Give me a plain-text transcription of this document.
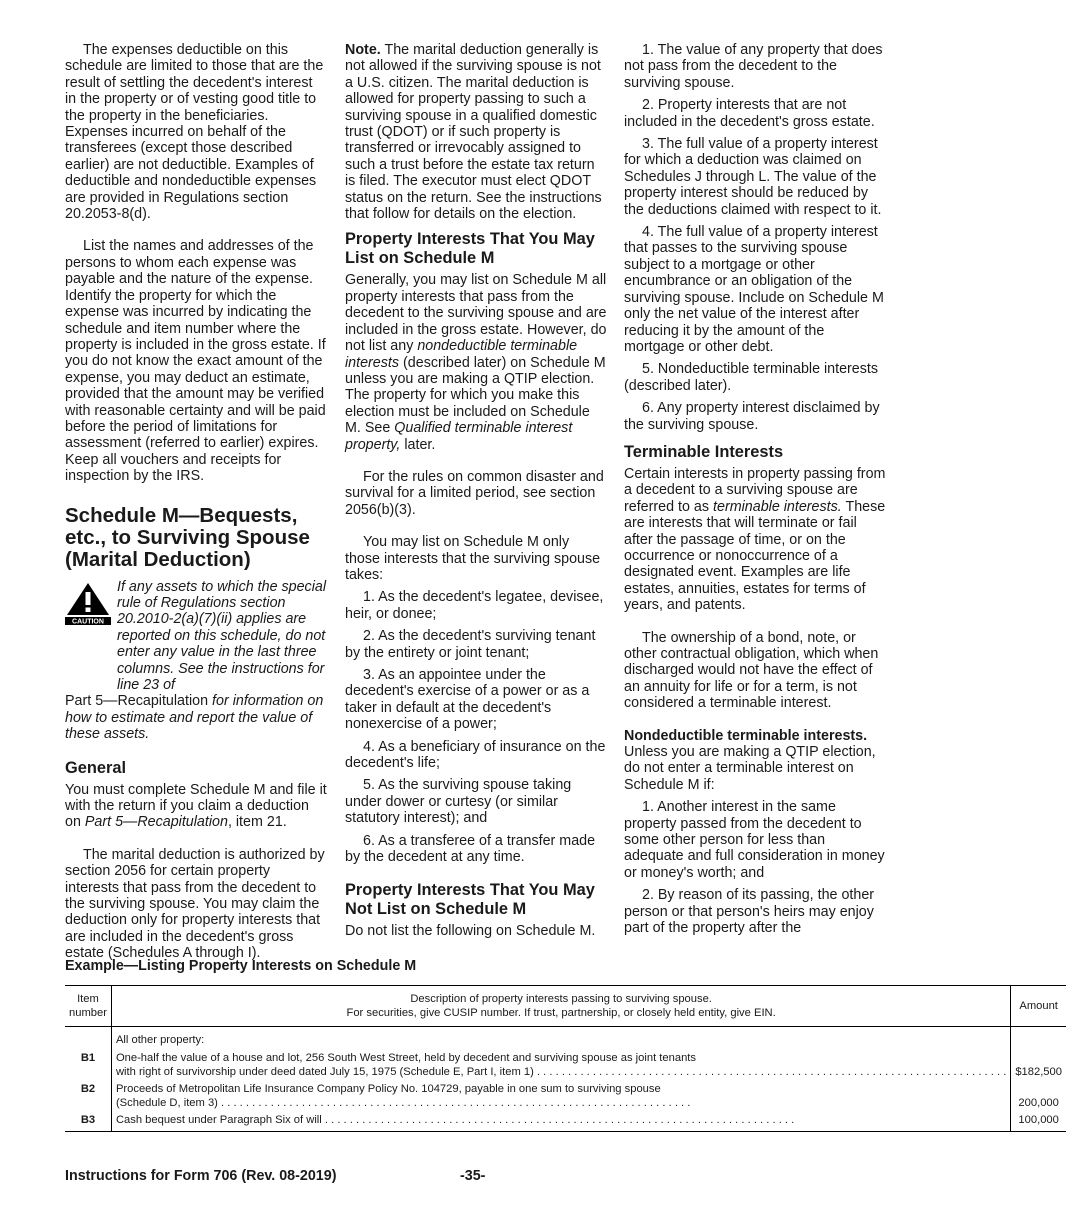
The expenses deductible on this schedule are limited to those that are the result of settling the decedent's interest in the property or of vesting good title to the property in the beneficiaries. Expenses incurred on behalf of the transferees (except those described earlier) are not deductible. Examples of deductible and nondeductible expenses are provided in Regulations section 20.2053-8(d).

List the names and addresses of the persons to whom each expense was payable and the nature of the expense. Identify the property for which the expense was incurred by indicating the schedule and item number where the property is included in the gross estate. If you do not know the exact amount of the expense, you may deduct an estimate, provided that the amount may be verified with reasonable certainty and will be paid before the period of limitations for assessment (referred to earlier) expires. Keep all vouchers and receipts for inspection by the IRS.

Schedule M—Bequests, etc., to Surviving Spouse (Marital Deduction)

CAUTION
If any assets to which the special rule of Regulations section 20.2010-2(a)(7)(ii) applies are reported on this schedule, do not enter any value in the last three columns. See the instructions for line 23 of

Part 5—Recapitulation for information on how to estimate and report the value of these assets.

General

You must complete Schedule M and file it with the return if you claim a deduction on Part 5—Recapitulation, item 21.

The marital deduction is authorized by section 2056 for certain property interests that pass from the decedent to the surviving spouse. You may claim the deduction only for property interests that are included in the decedent's gross estate (Schedules A through I).

Note. The marital deduction generally is not allowed if the surviving spouse is not a U.S. citizen. The marital deduction is allowed for property passing to such a surviving spouse in a qualified domestic trust (QDOT) or if such property is transferred or irrevocably assigned to such a trust before the estate tax return is filed. The executor must elect QDOT status on the return. See the instructions that follow for details on the election.

Property Interests That You May List on Schedule M

Generally, you may list on Schedule M all property interests that pass from the decedent to the surviving spouse and are included in the gross estate. However, do not list any nondeductible terminable interests (described later) on Schedule M unless you are making a QTIP election. The property for which you make this election must be included on Schedule M. See Qualified terminable interest property, later.

For the rules on common disaster and survival for a limited period, see section 2056(b)(3).

You may list on Schedule M only those interests that the surviving spouse takes:

1. As the decedent's legatee, devisee, heir, or donee;

2. As the decedent's surviving tenant by the entirety or joint tenant;

3. As an appointee under the decedent's exercise of a power or as a taker in default at the decedent's nonexercise of a power;

4. As a beneficiary of insurance on the decedent's life;

5. As the surviving spouse taking under dower or curtesy (or similar statutory interest); and

6. As a transferee of a transfer made by the decedent at any time.

Property Interests That You May Not List on Schedule M

Do not list the following on Schedule M.

1. The value of any property that does not pass from the decedent to the surviving spouse.

2. Property interests that are not included in the decedent's gross estate.

3. The full value of a property interest for which a deduction was claimed on Schedules J through L. The value of the property interest should be reduced by the deductions claimed with respect to it.

4. The full value of a property interest that passes to the surviving spouse subject to a mortgage or other encumbrance or an obligation of the surviving spouse. Include on Schedule M only the net value of the interest after reducing it by the amount of the mortgage or other debt.

5. Nondeductible terminable interests (described later).

6. Any property interest disclaimed by the surviving spouse.

Terminable Interests

Certain interests in property passing from a decedent to a surviving spouse are referred to as terminable interests. These are interests that will terminate or fail after the passage of time, or on the occurrence or nonoccurrence of a designated event. Examples are life estates, annuities, estates for terms of years, and patents.

The ownership of a bond, note, or other contractual obligation, which when discharged would not have the effect of an annuity for life or for a term, is not considered a terminable interest.

Nondeductible terminable interests. Unless you are making a QTIP election, do not enter a terminable interest on Schedule M if:

1. Another interest in the same property passed from the decedent to some other person for less than adequate and full consideration in money or money's worth; and

2. By reason of its passing, the other person or that person's heirs may enjoy part of the property after the

Example—Listing Property Interests on Schedule M
Item number	Description of property interests passing to surviving spouse.
For securities, give CUSIP number. If trust, partnership, or closely held entity, give EIN.	Amount
	All other property:	
B1	One-half the value of a house and lot, 256 South West Street, held by decedent and surviving spouse as joint tenants
with right of survivorship under deed dated July 15, 1975 (Schedule E, Part I, item 1) . . .	$182,500
B2	Proceeds of Metropolitan Life Insurance Company Policy No. 104729, payable in one sum to surviving spouse
(Schedule D, item 3) . . .	200,000
B3	Cash bequest under Paragraph Six of will . . .	100,000
Instructions for Form 706 (Rev. 08-2019)	-35-
